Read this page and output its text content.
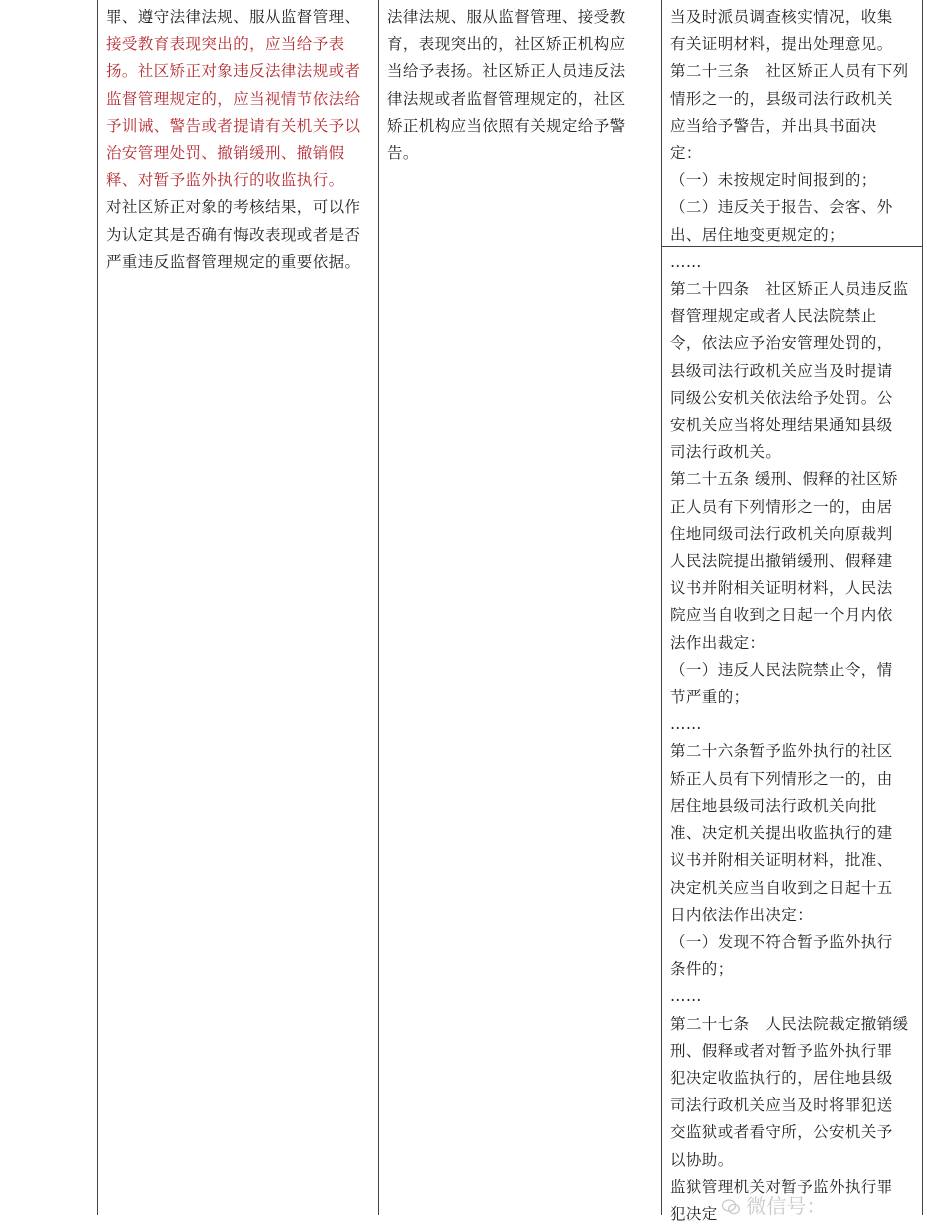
罪、遵守法律法规、服从监督管理、

接受教育表现突出的，应当给予表

扬。社区矫正对象违反法律法规或者

监督管理规定的，应当视情节依法给

予训诫、警告或者提请有关机关予以

治安管理处罚、撤销缓刑、撤销假

释、对暂予监外执行的收监执行。

对社区矫正对象的考核结果，可以作

为认定其是否确有悔改表现或者是否

严重违反监督管理规定的重要依据。

法律法规、服从监督管理、接受教

育，表现突出的，社区矫正机构应

当给予表扬。社区矫正人员违反法

律法规或者监督管理规定的，社区

矫正机构应当依照有关规定给予警

告。

当及时派员调查核实情况，收集

有关证明材料，提出处理意见。

第二十三条　社区矫正人员有下列

情形之一的，县级司法行政机关

应当给予警告，并出具书面决

定：

（一）未按规定时间报到的；

（二）违反关于报告、会客、外

出、居住地变更规定的；

……

第二十四条　社区矫正人员违反监

督管理规定或者人民法院禁止

令，依法应予治安管理处罚的，

县级司法行政机关应当及时提请

同级公安机关依法给予处罚。公

安机关应当将处理结果通知县级

司法行政机关。

第二十五条 缓刑、假释的社区矫

正人员有下列情形之一的，由居

住地同级司法行政机关向原裁判

人民法院提出撤销缓刑、假释建

议书并附相关证明材料，人民法

院应当自收到之日起一个月内依

法作出裁定：

（一）违反人民法院禁止令，情

节严重的；

……

第二十六条暂予监外执行的社区

矫正人员有下列情形之一的，由

居住地县级司法行政机关向批

准、决定机关提出收监执行的建

议书并附相关证明材料，批准、

决定机关应当自收到之日起十五

日内依法作出决定：

（一）发现不符合暂予监外执行

条件的；

……

第二十七条　人民法院裁定撤销缓

刑、假释或者对暂予监外执行罪

犯决定收监执行的，居住地县级

司法行政机关应当及时将罪犯送

交监狱或者看守所，公安机关予

以协助。

监狱管理机关对暂予监外执行罪

犯决定	微信号：
